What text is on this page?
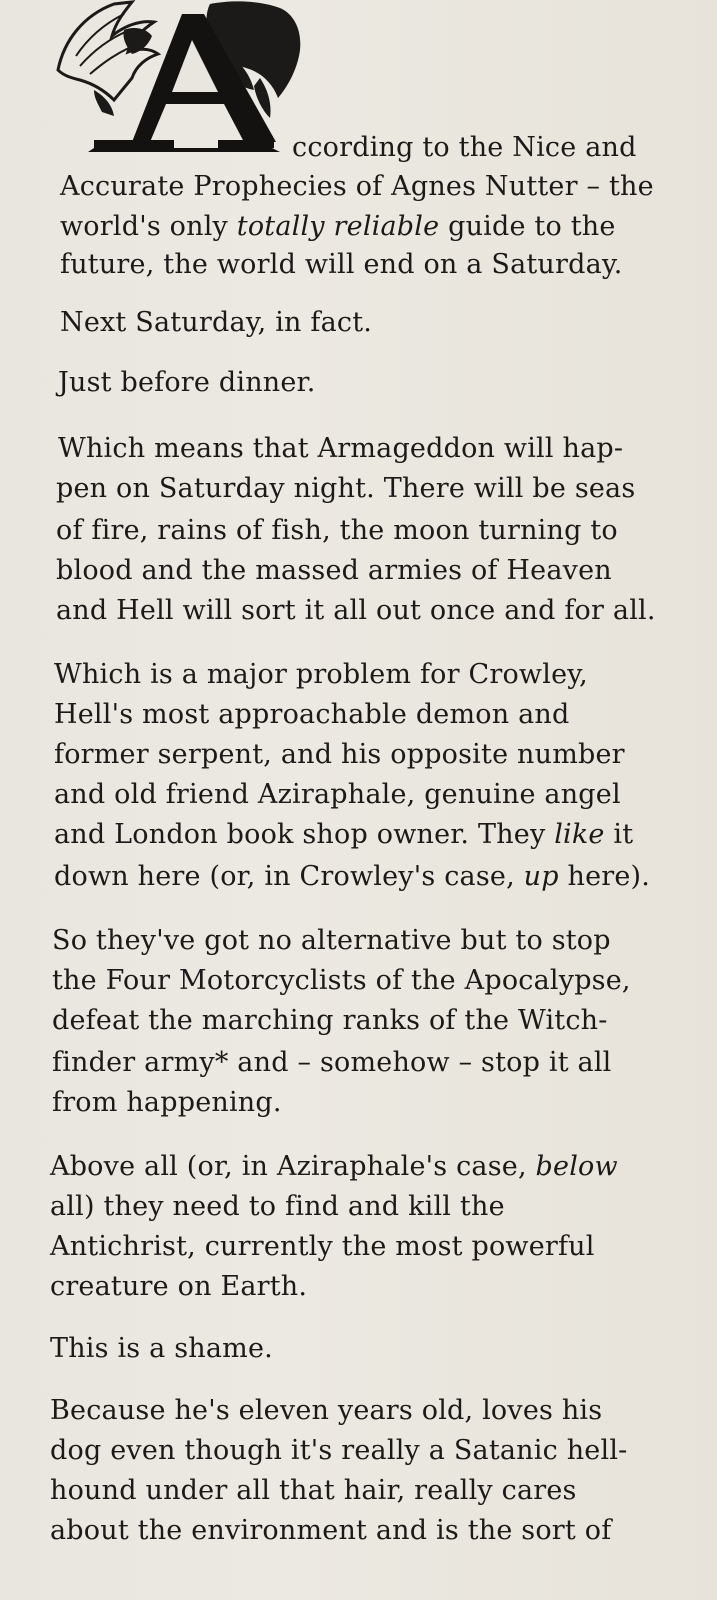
ccording to the Nice and
Accurate Prophecies of Agnes Nutter – the
world's only totally reliable guide to the
future, the world will end on a Saturday.
Next Saturday, in fact.
Just before dinner.
Which means that Armageddon will hap-
pen on Saturday night. There will be seas
of fire, rains of fish, the moon turning to
blood and the massed armies of Heaven
and Hell will sort it all out once and for all.
Which is a major problem for Crowley,
Hell's most approachable demon and
former serpent, and his opposite number
and old friend Aziraphale, genuine angel
and London book shop owner. They like it
down here (or, in Crowley's case, up here).
So they've got no alternative but to stop
the Four Motorcyclists of the Apocalypse,
defeat the marching ranks of the Witch-
finder army* and – somehow – stop it all
from happening.
Above all (or, in Aziraphale's case, below
all) they need to find and kill the
Antichrist, currently the most powerful
creature on Earth.
This is a shame.
Because he's eleven years old, loves his
dog even though it's really a Satanic hell-
hound under all that hair, really cares
about the environment and is the sort of
